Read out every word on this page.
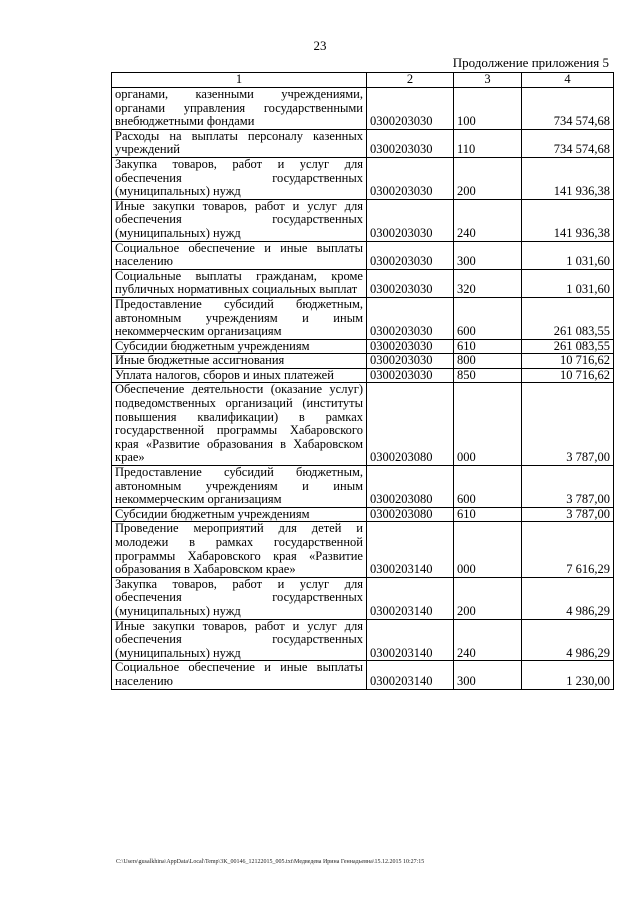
23
Продолжение приложения 5
1	2	3	4
органами, казенными учреждениями, органами управления государственными внебюджетными фондами	0300203030	100	734 574,68
Расходы на выплаты персоналу казенных учреждений	0300203030	110	734 574,68
Закупка товаров, работ и услуг для обеспечения государственных (муниципальных) нужд	0300203030	200	141 936,38
Иные закупки товаров, работ и услуг для обеспечения государственных (муниципальных) нужд	0300203030	240	141 936,38
Социальное обеспечение и иные выплаты населению	0300203030	300	1 031,60
Социальные выплаты гражданам, кроме публичных нормативных социальных выплат	0300203030	320	1 031,60
Предоставление субсидий бюджетным, автономным учреждениям и иным некоммерческим организациям	0300203030	600	261 083,55
Субсидии бюджетным учреждениям	0300203030	610	261 083,55
Иные бюджетные ассигнования	0300203030	800	10 716,62
Уплата налогов, сборов и иных платежей	0300203030	850	10 716,62
Обеспечение деятельности (оказание услуг) подведомственных организаций (институты повышения квалификации) в рамках государственной программы Хабаровского края «Развитие образования в Хабаровском крае»	0300203080	000	3 787,00
Предоставление субсидий бюджетным, автономным учреждениям и иным некоммерческим организациям	0300203080	600	3 787,00
Субсидии бюджетным учреждениям	0300203080	610	3 787,00
Проведение мероприятий для детей и молодежи в рамках государственной программы Хабаровского края «Развитие образования в Хабаровском крае»	0300203140	000	7 616,29
Закупка товаров, работ и услуг для обеспечения государственных (муниципальных) нужд	0300203140	200	4 986,29
Иные закупки товаров, работ и услуг для обеспечения государственных (муниципальных) нужд	0300203140	240	4 986,29
Социальное обеспечение и иные выплаты населению	0300203140	300	1 230,00
C:\Users\gusalkhina\AppData\Local\Temp\3K_00146_12122015_005.txt\Медведева Ирина Геннадьевна\15.12.2015 10:27:15
